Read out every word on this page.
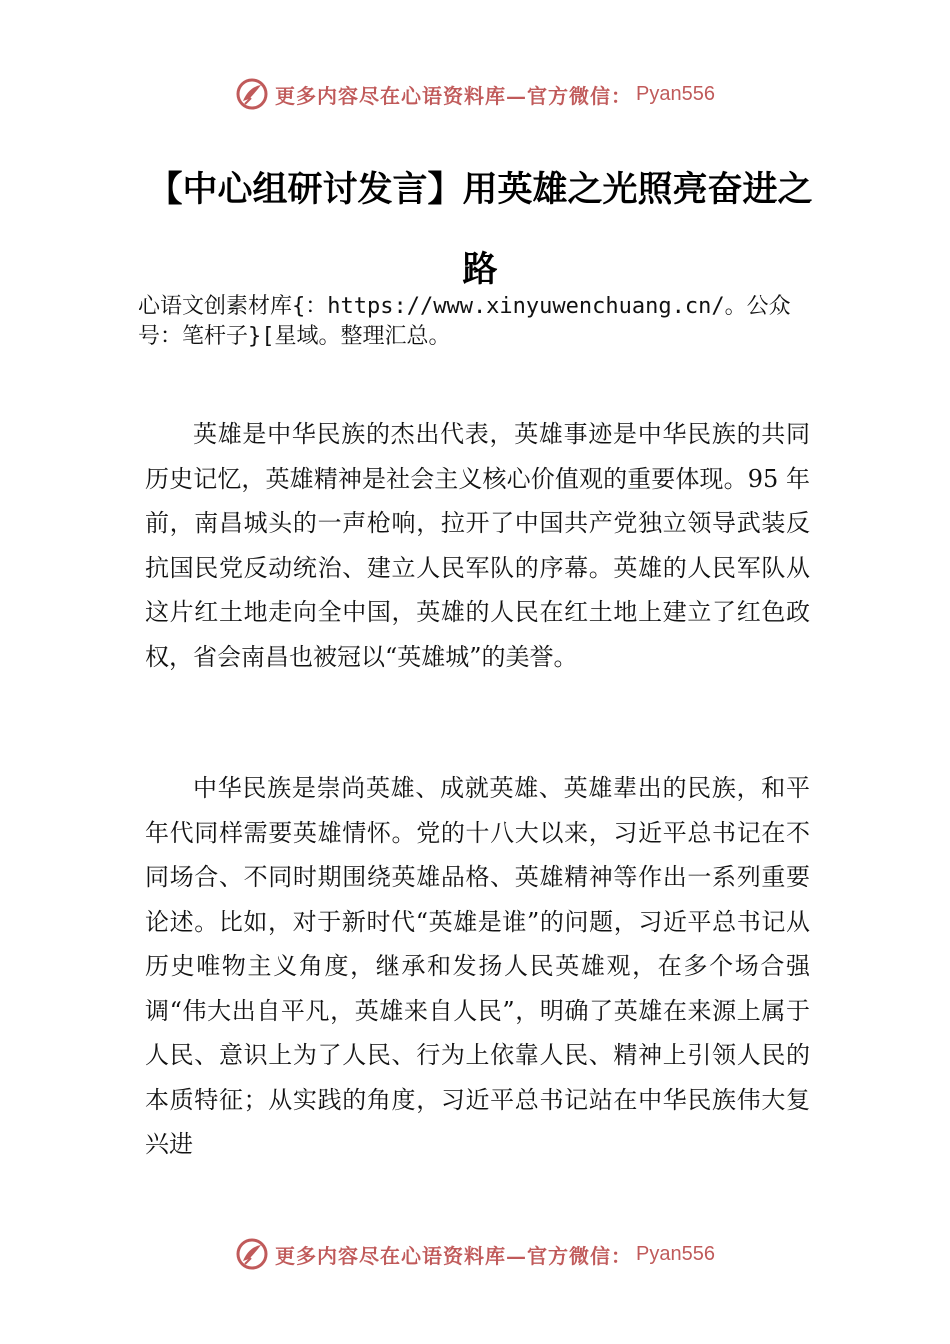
更多内容尽在心语资料库—官方微信： Pyan556
【中心组研讨发言】用英雄之光照亮奋进之路

心语文创素材库{：https://www.xinyuwenchuang.cn/。公众号：笔杆子}[星域。整理汇总。

英雄是中华民族的杰出代表，英雄事迹是中华民族的共同历史记忆，英雄精神是社会主义核心价值观的重要体现。95 年前，南昌城头的一声枪响，拉开了中国共产党独立领导武装反抗国民党反动统治、建立人民军队的序幕。英雄的人民军队从这片红土地走向全中国，英雄的人民在红土地上建立了红色政权，省会南昌也被冠以“英雄城”的美誉。

中华民族是崇尚英雄、成就英雄、英雄辈出的民族，和平年代同样需要英雄情怀。党的十八大以来，习近平总书记在不同场合、不同时期围绕英雄品格、英雄精神等作出一系列重要论述。比如，对于新时代“英雄是谁”的问题，习近平总书记从历史唯物主义角度，继承和发扬人民英雄观，在多个场合强调“伟大出自平凡，英雄来自人民”，明确了英雄在来源上属于人民、意识上为了人民、行为上依靠人民、精神上引领人民的本质特征；从实践的角度，习近平总书记站在中华民族伟大复兴进

更多内容尽在心语资料库—官方微信： Pyan556
